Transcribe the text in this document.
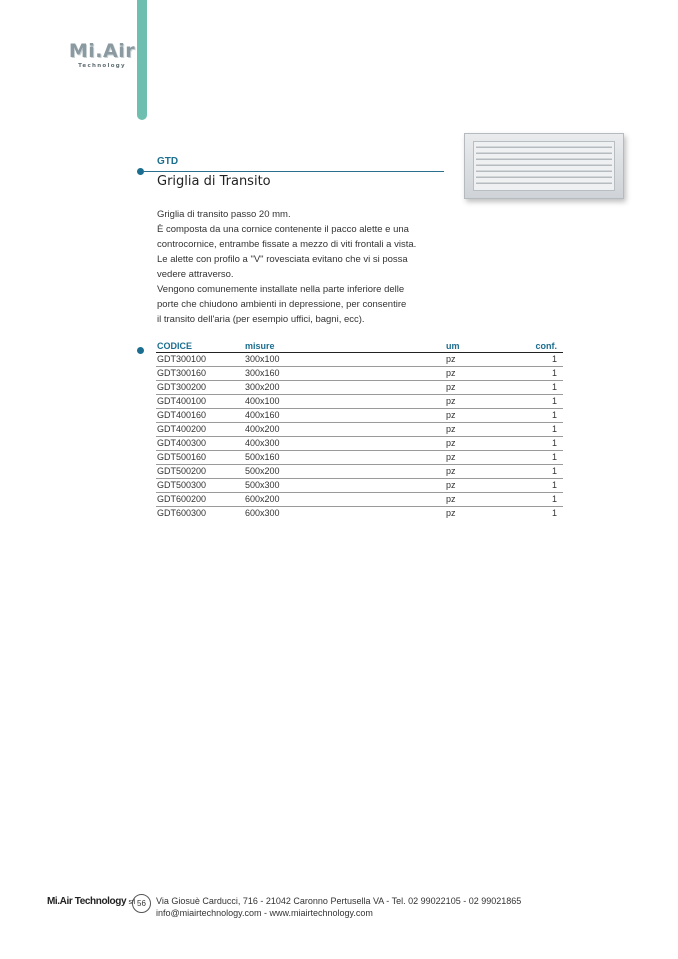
Mi.Air
Technology
GTD
Griglia di Transito

Griglia di transito passo 20 mm.

È composta da una cornice contenente il pacco alette e una

controcornice, entrambe fissate a mezzo di viti frontali a vista.

Le alette con profilo a "V" rovesciata evitano che vi si possa

vedere attraverso.

Vengono comunemente installate nella parte inferiore delle

porte che chiudono ambienti in depressione, per consentire

il transito dell'aria (per esempio uffici, bagni, ecc).

CODICE	misure	um	conf.
GDT300100	300x100	pz	1
GDT300160	300x160	pz	1
GDT300200	300x200	pz	1
GDT400100	400x100	pz	1
GDT400160	400x160	pz	1
GDT400200	400x200	pz	1
GDT400300	400x300	pz	1
GDT500160	500x160	pz	1
GDT500200	500x200	pz	1
GDT500300	500x300	pz	1
GDT600200	600x200	pz	1
GDT600300	600x300	pz	1
Mi.Air Technology srl 56	Via Giosuè Carducci, 716 - 21042 Caronno Pertusella VA - Tel. 02 99022105 - 02 99021865
info@miairtechnology.com - www.miairtechnology.com
